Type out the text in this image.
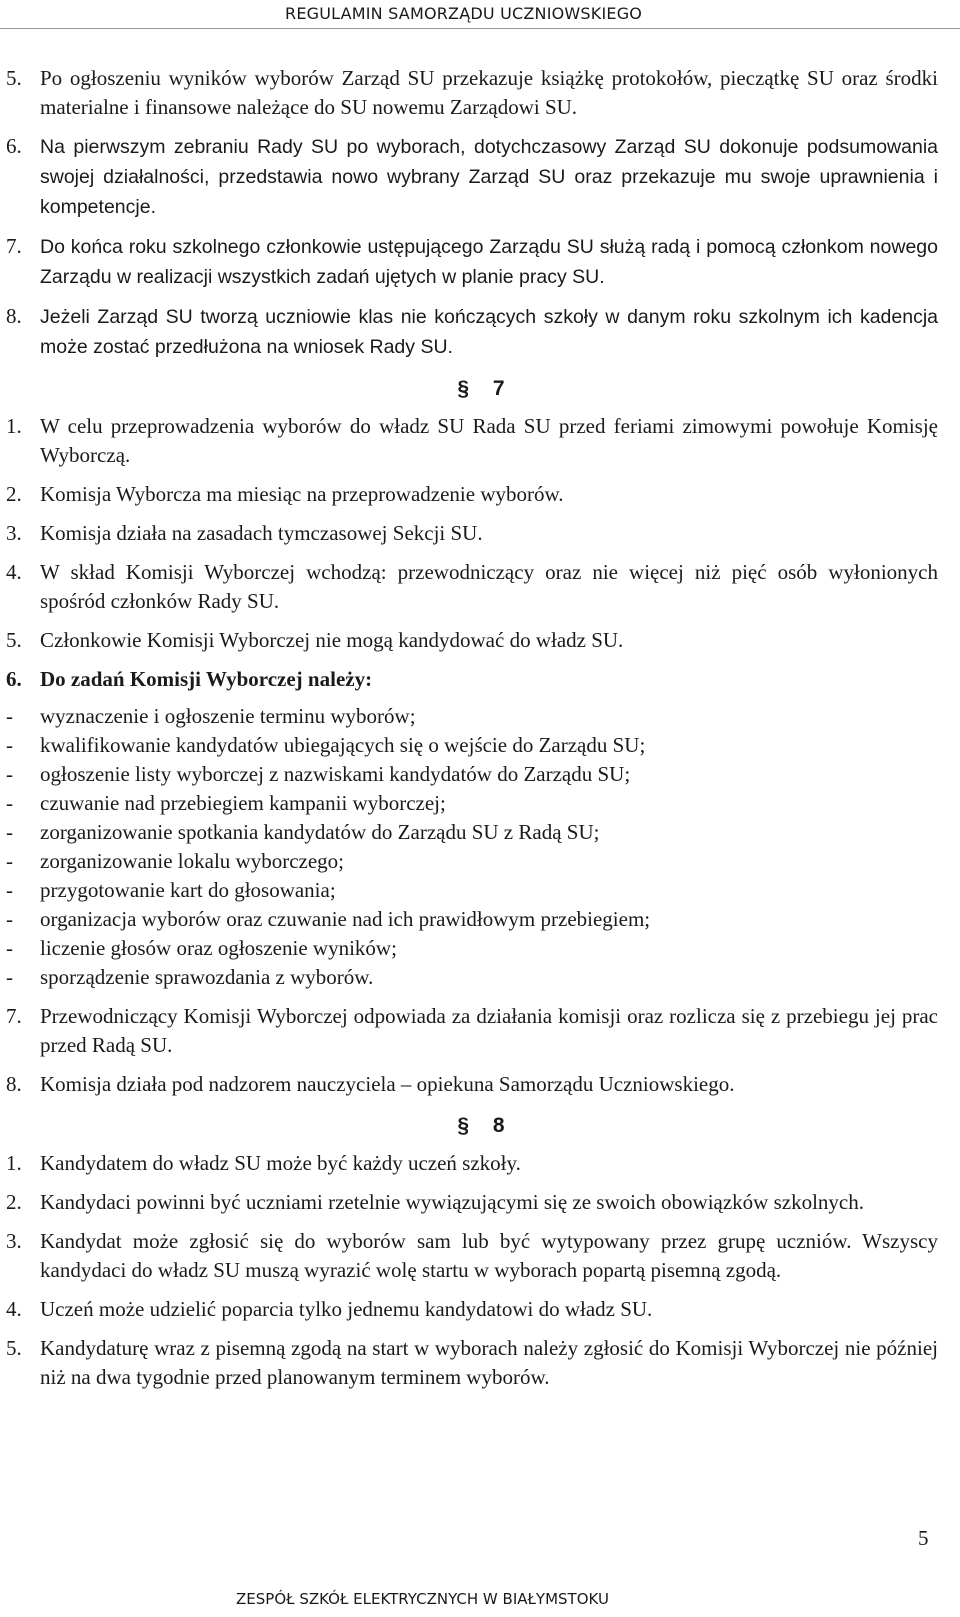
REGULAMIN SAMORZĄDU UCZNIOWSKIEGO
5. Po ogłoszeniu wyników wyborów Zarząd SU przekazuje książkę protokołów, pieczątkę SU oraz środki materialne i finansowe należące do SU nowemu Zarządowi SU.
6. Na pierwszym zebraniu Rady SU po wyborach, dotychczasowy Zarząd SU dokonuje podsumowania swojej działalności, przedstawia nowo wybrany Zarząd SU oraz przekazuje mu swoje uprawnienia i kompetencje.
7. Do końca roku szkolnego członkowie ustępującego Zarządu SU służą radą i pomocą członkom nowego Zarządu w realizacji wszystkich zadań ujętych w planie pracy SU.
8. Jeżeli Zarząd SU tworzą uczniowie klas nie kończących szkoły w danym roku szkolnym ich kadencja może zostać przedłużona na wniosek Rady SU.
§ 7
1. W celu przeprowadzenia wyborów do władz SU Rada SU przed feriami zimowymi powołuje Komisję Wyborczą.
2. Komisja Wyborcza ma miesiąc na przeprowadzenie wyborów.
3. Komisja działa na zasadach tymczasowej Sekcji SU.
4. W skład Komisji Wyborczej wchodzą: przewodniczący oraz nie więcej niż pięć osób wyłonionych spośród członków Rady SU.
5. Członkowie Komisji Wyborczej nie mogą kandydować do władz SU.
6. Do zadań Komisji Wyborczej należy:
- wyznaczenie i ogłoszenie terminu wyborów;
- kwalifikowanie kandydatów ubiegających się o wejście do Zarządu SU;
- ogłoszenie listy wyborczej z nazwiskami kandydatów do Zarządu SU;
- czuwanie nad przebiegiem kampanii wyborczej;
- zorganizowanie spotkania kandydatów do Zarządu SU z Radą SU;
- zorganizowanie lokalu wyborczego;
- przygotowanie kart do głosowania;
- organizacja wyborów oraz czuwanie nad ich prawidłowym przebiegiem;
- liczenie głosów oraz ogłoszenie wyników;
- sporządzenie sprawozdania z wyborów.
7. Przewodniczący Komisji Wyborczej odpowiada za działania komisji oraz rozlicza się z przebiegu jej prac przed Radą SU.
8. Komisja działa pod nadzorem nauczyciela – opiekuna Samorządu Uczniowskiego.
§ 8
1. Kandydatem do władz SU może być każdy uczeń szkoły.
2. Kandydaci powinni być uczniami rzetelnie wywiązującymi się ze swoich obowiązków szkolnych.
3. Kandydat może zgłosić się do wyborów sam lub być wytypowany przez grupę uczniów. Wszyscy kandydaci do władz SU muszą wyrazić wolę startu w wyborach popartą pisemną zgodą.
4. Uczeń może udzielić poparcia tylko jednemu kandydatowi do władz SU.
5. Kandydaturę wraz z pisemną zgodą na start w wyborach należy zgłosić do Komisji Wyborczej nie później niż na dwa tygodnie przed planowanym terminem wyborów.
5
ZESPÓŁ SZKÓŁ ELEKTRYCZNYCH W BIAŁYMSTOKU
